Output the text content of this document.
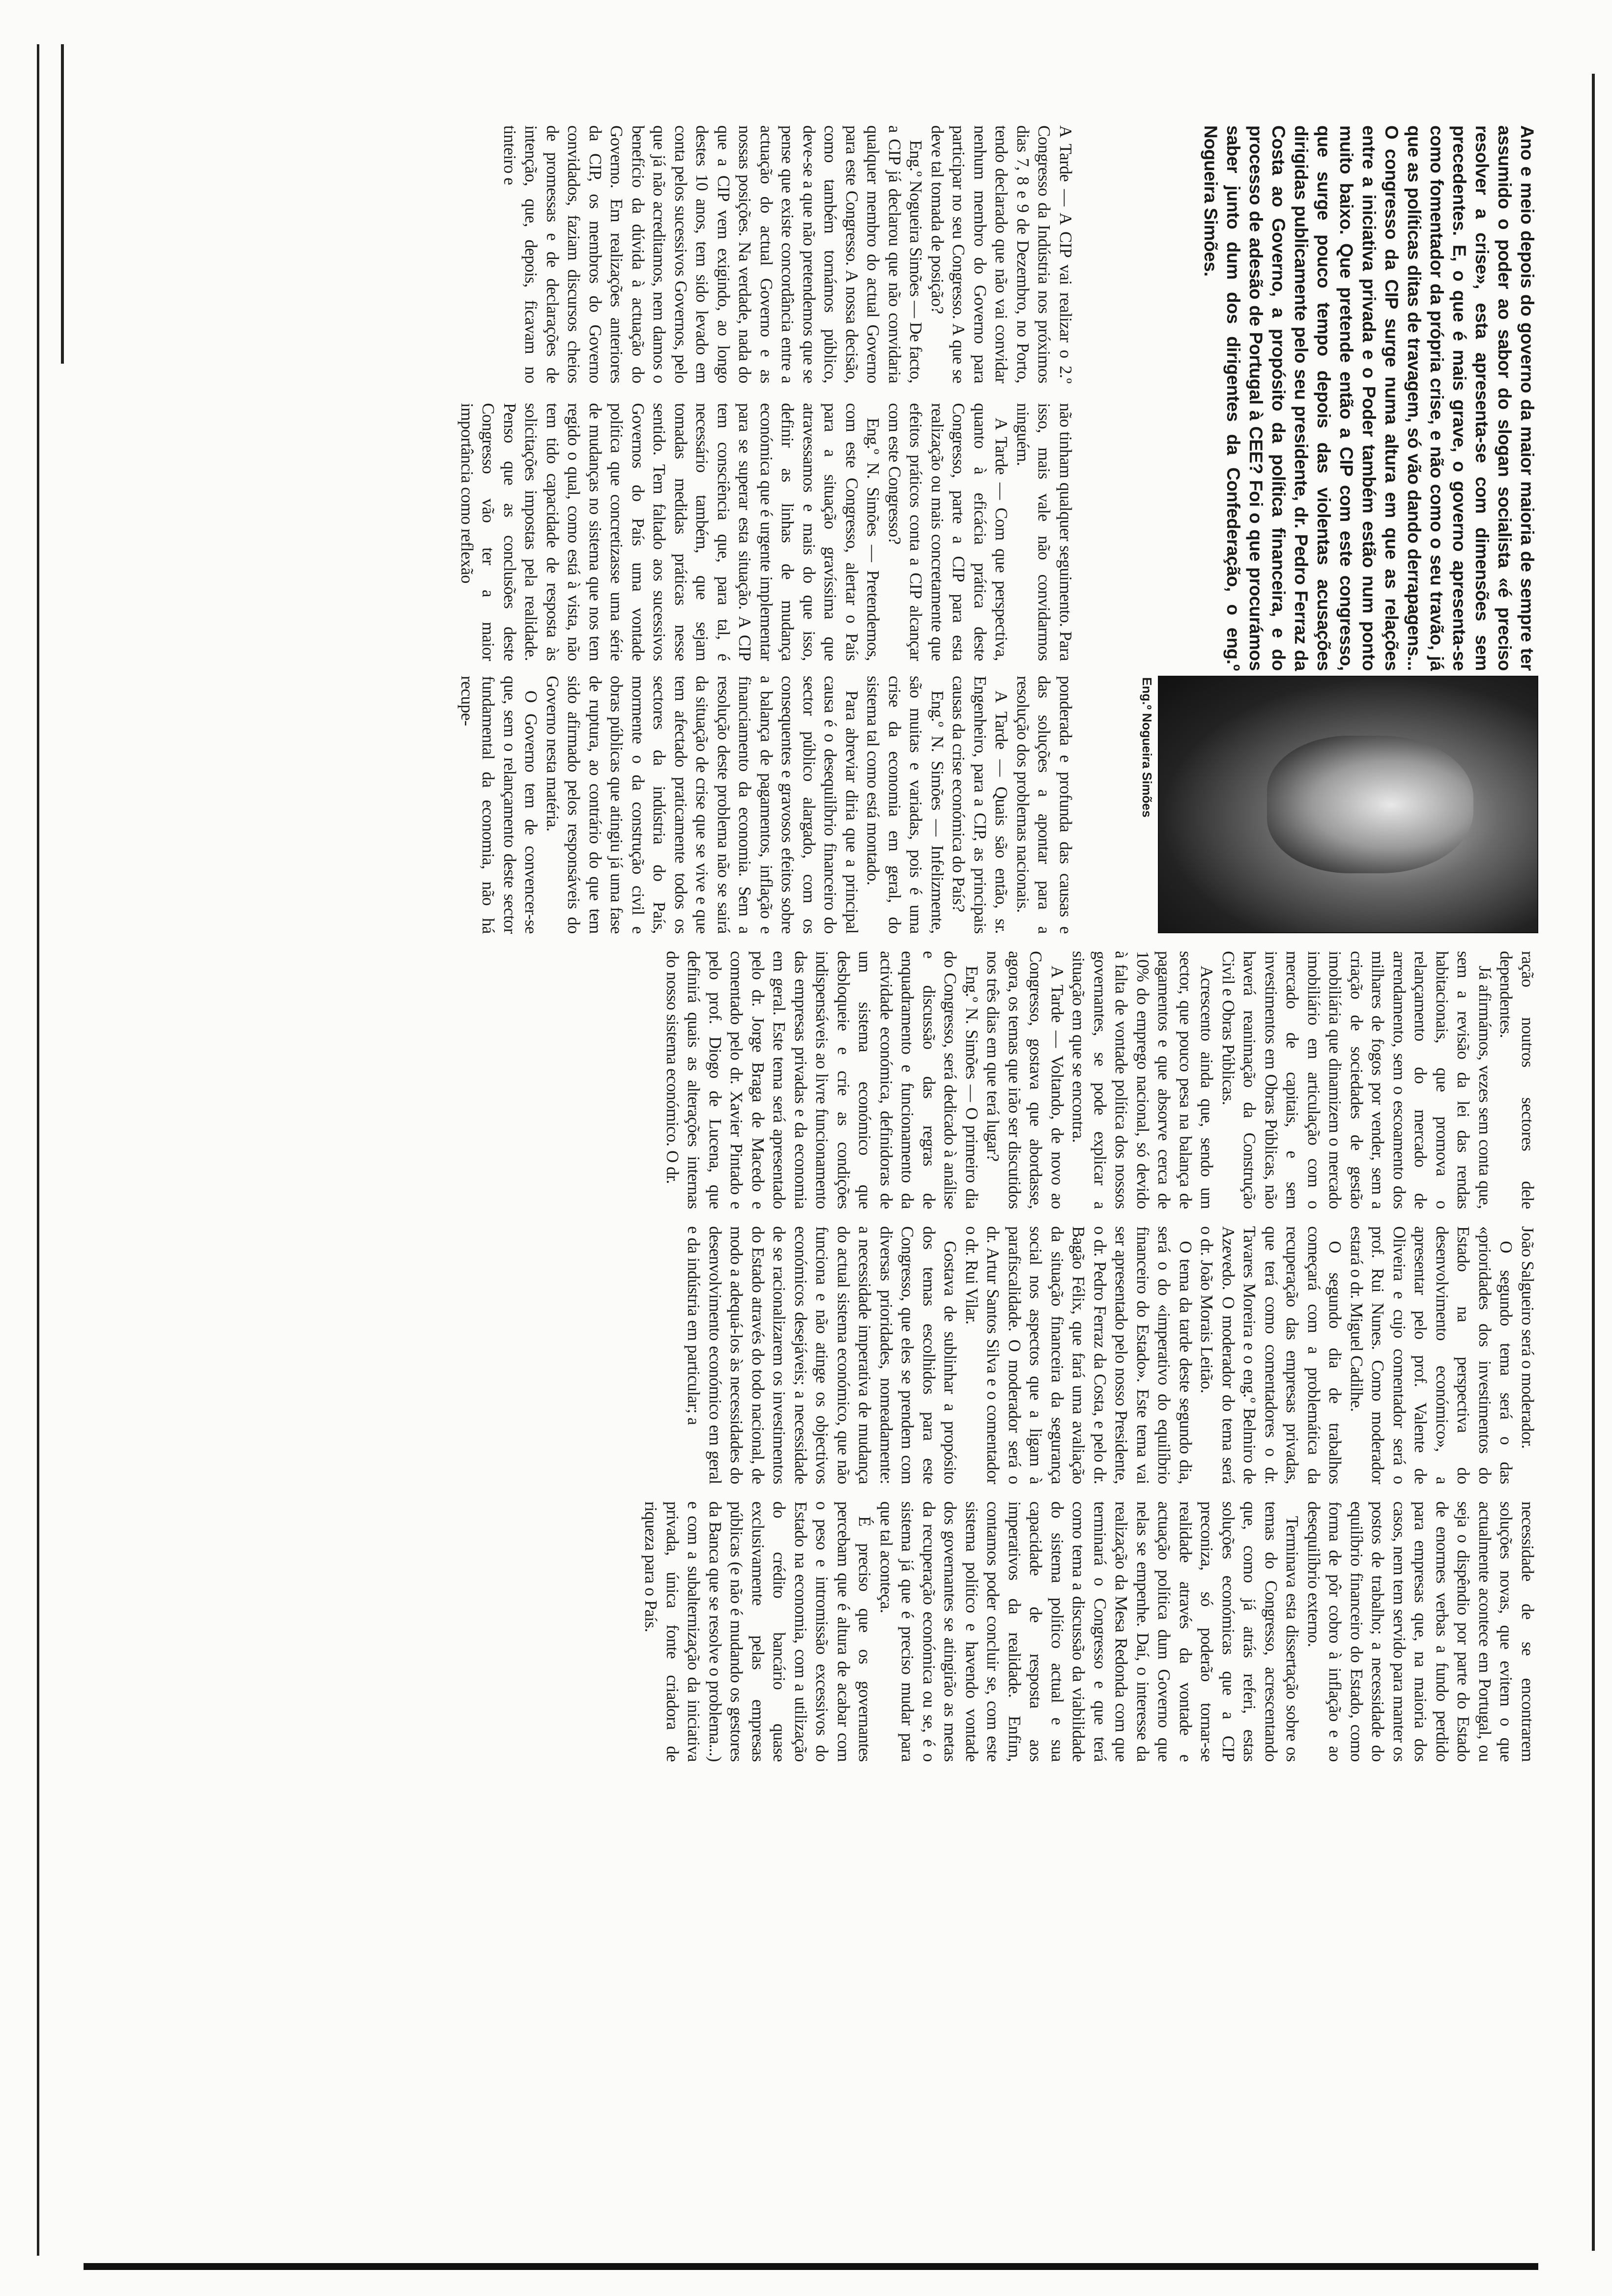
Ano e meio depois do governo da maior maioria de sempre ter assumido o poder ao sabor do slogan socialista «é preciso resolver a crise», esta apresenta-se com dimensões sem precedentes. E, o que é mais grave, o governo apresenta-se como fomentador da própria crise, e não como o seu travão, já que as políticas ditas de travagem, só vão dando derrapagens... O congresso da CIP surge numa altura em que as relações entre a iniciativa privada e o Poder também estão num ponto muito baixo. Que pretende então a CIP com este congresso, que surge pouco tempo depois das violentas acusações dirigidas publicamente pelo seu presidente, dr. Pedro Ferraz da Costa ao Governo, a propósito da política financeira, e do processo de adesão de Portugal à CEE? Foi o que procurámos saber junto dum dos dirigentes da Confederação, o eng.º Nogueira Simões.
Eng.º Nogueira Simões

A Tarde — A CIP vai realizar o 2.º Congresso da Indústria nos próximos dias 7, 8 e 9 de Dezembro, no Porto, tendo declarado que não vai convidar nenhum membro do Governo para participar no seu Congresso. A que se deve tal tomada de posição?

Eng.º Nogueira Simões — De facto, a CIP já declarou que não convidaria qualquer membro do actual Governo para este Congresso. A nossa decisão, como também tornámos público, deve-se a que não pretendemos que se pense que existe concordância entre a actuação do actual Governo e as nossas posições. Na verdade, nada do que a CIP vem exigindo, ao longo destes 10 anos, tem sido levado em conta pelos sucessivos Governos, pelo que já não acreditamos, nem damos o benefício da dúvida à actuação do Governo. Em realizações anteriores da CIP, os membros do Governo convidados, faziam discursos cheios de promessas e de declarações de intenção, que, depois, ficavam no tinteiro e

não tinham qualquer seguimento. Para isso, mais vale não convidarmos ninguém.

A Tarde — Com que perspectiva, quanto à eficácia prática deste Congresso, parte a CIP para esta realização ou mais concretamente que efeitos práticos conta a CIP alcançar com este Congresso?

Eng.º N. Simões — Pretendemos, com este Congresso, alertar o País para a situação gravíssima que atravessamos e mais do que isso, definir as linhas de mudança económica que é urgente implementar para se superar esta situação. A CIP tem consciência que, para tal, é necessário também, que sejam tomadas medidas práticas nesse sentido. Tem faltado aos sucessivos Governos do País uma vontade política que concretizasse uma série de mudanças no sistema que nos tem regido o qual, como está à vista, não tem tido capacidade de resposta às solicitações impostas pela realidade. Penso que as conclusões deste Congresso vão ter a maior importância como reflexão

ponderada e profunda das causas e das soluções a apontar para a resolução dos problemas nacionais.

A Tarde — Quais são então, sr. Engenheiro, para a CIP, as principais causas da crise económica do País?

Eng.º N. Simões — Infelizmente, são muitas e variadas, pois é uma crise da economia em geral, do sistema tal como está montado.

Para abreviar diria que a principal causa é o desequilíbrio financeiro do sector público alargado, com os consequentes e gravosos efeitos sobre a balança de pagamentos, inflação e financiamento da economia. Sem a resolução deste problema não se sairá da situação de crise que se vive e que tem afectado praticamente todos os sectores da indústria do País, mormente o da construção civil e obras públicas que atingiu já uma fase de ruptura, ao contrário do que tem sido afirmado pelos responsáveis do Governo nesta matéria.

O Governo tem de convencer-se que, sem o relançamento deste sector fundamental da economia, não há recupe-

ração noutros sectores dele dependentes.

Já afirmámos, vezes sem conta que, sem a revisão da lei das rendas habitacionais, que promova o relançamento do mercado de arrendamento, sem o escoamento dos milhares de fogos por vender, sem a criação de sociedades de gestão imobiliária que dinamizem o mercado imobiliário em articulação com o mercado de capitais, e sem investimentos em Obras Públicas, não haverá reanimação da Construção Civil e Obras Públicas.

Acrescento ainda que, sendo um sector, que pouco pesa na balança de pagamentos e que absorve cerca de 10% do emprego nacional, só devido à falta de vontade política dos nossos governantes, se pode explicar a situação em que se encontra.

A Tarde — Voltando, de novo ao Congresso, gostava que abordasse, agora, os temas que irão ser discutidos nos três dias em que terá lugar?

Eng.º N. Simões — O primeiro dia do Congresso, será dedicado à análise e discussão das regras de enquadramento e funcionamento da actividade económica, definidoras de um sistema económico que desbloqueie e crie as condições indispensáveis ao livre funcionamento das empresas privadas e da economia em geral. Este tema será apresentado pelo dr. Jorge Braga de Macedo e comentado pelo dr. Xavier Pintado e pelo prof. Diogo de Lucena, que definirá quais as alterações internas do nosso sistema económico. O dr.

João Salgueiro será o moderador.

O segundo tema será o das «prioridades dos investimentos do Estado na perspectiva do desenvolvimento económico», a apresentar pelo prof. Valente de Oliveira e cujo comentador será o prof. Rui Nunes. Como moderador estará o dr. Miguel Cadilhe.

O segundo dia de trabalhos começará com a problemática da recuperação das empresas privadas, que terá como comentadores o dr. Tavares Moreira e o eng.º Belmiro de Azevedo. O moderador do tema será o dr. João Morais Leitão.

O tema da tarde deste segundo dia, será o do «imperativo do equilíbrio financeiro do Estado». Este tema vai ser apresentado pelo nosso Presidente, o dr. Pedro Ferraz da Costa, e pelo dr. Bagão Félix, que fará uma avaliação da situação financeira da segurança social nos aspectos que a ligam à parafiscalidade. O moderador será o dr. Artur Santos Silva e o comentador o dr. Rui Vilar.

Gostava de sublinhar a propósito dos temas escolhidos para este Congresso, que eles se prendem com diversas prioridades, nomeadamente: a necessidade imperativa de mudança do actual sistema económico, que não funciona e não atinge os objectivos económicos desejáveis; a necessidade de se racionalizarem os investimentos do Estado através do todo nacional, de modo a adequá-los às necessidades do desenvolvimento económico em geral e da indústria em particular; a

necessidade de se encontrarem soluções novas, que evitem o que actualmente acontece em Portugal, ou seja o dispêndio por parte do Estado de enormes verbas a fundo perdido para empresas que, na maioria dos casos, nem tem servido para manter os postos de trabalho; a necessidade do equilíbrio financeiro do Estado, como forma de pôr cobro à inflação e ao desequilíbrio externo.

Terminava esta dissertação sobre os temas do Congresso, acrescentando que, como já atrás referi, estas soluções económicas que a CIP preconiza, só poderão tornar-se realidade através da vontade e actuação política dum Governo que nelas se empenhe. Daí, o interesse da realização da Mesa Redonda com que terminará o Congresso e que terá como tema a discussão da viabilidade do sistema político actual e sua capacidade de resposta aos imperativos da realidade. Enfim, contamos poder concluir se, com este sistema político e havendo vontade dos governantes se atingirão as metas da recuperação económica ou se, é o sistema já que é preciso mudar para que tal aconteça.

É preciso que os governantes percebam que é altura de acabar com o peso e intromissão excessivos do Estado na economia, com a utilização do crédito bancário quase exclusivamente pelas empresas públicas (e não é mudando os gestores da Banca que se resolve o problema...) e com a subalternização da iniciativa privada, única fonte criadora de riqueza para o País.
